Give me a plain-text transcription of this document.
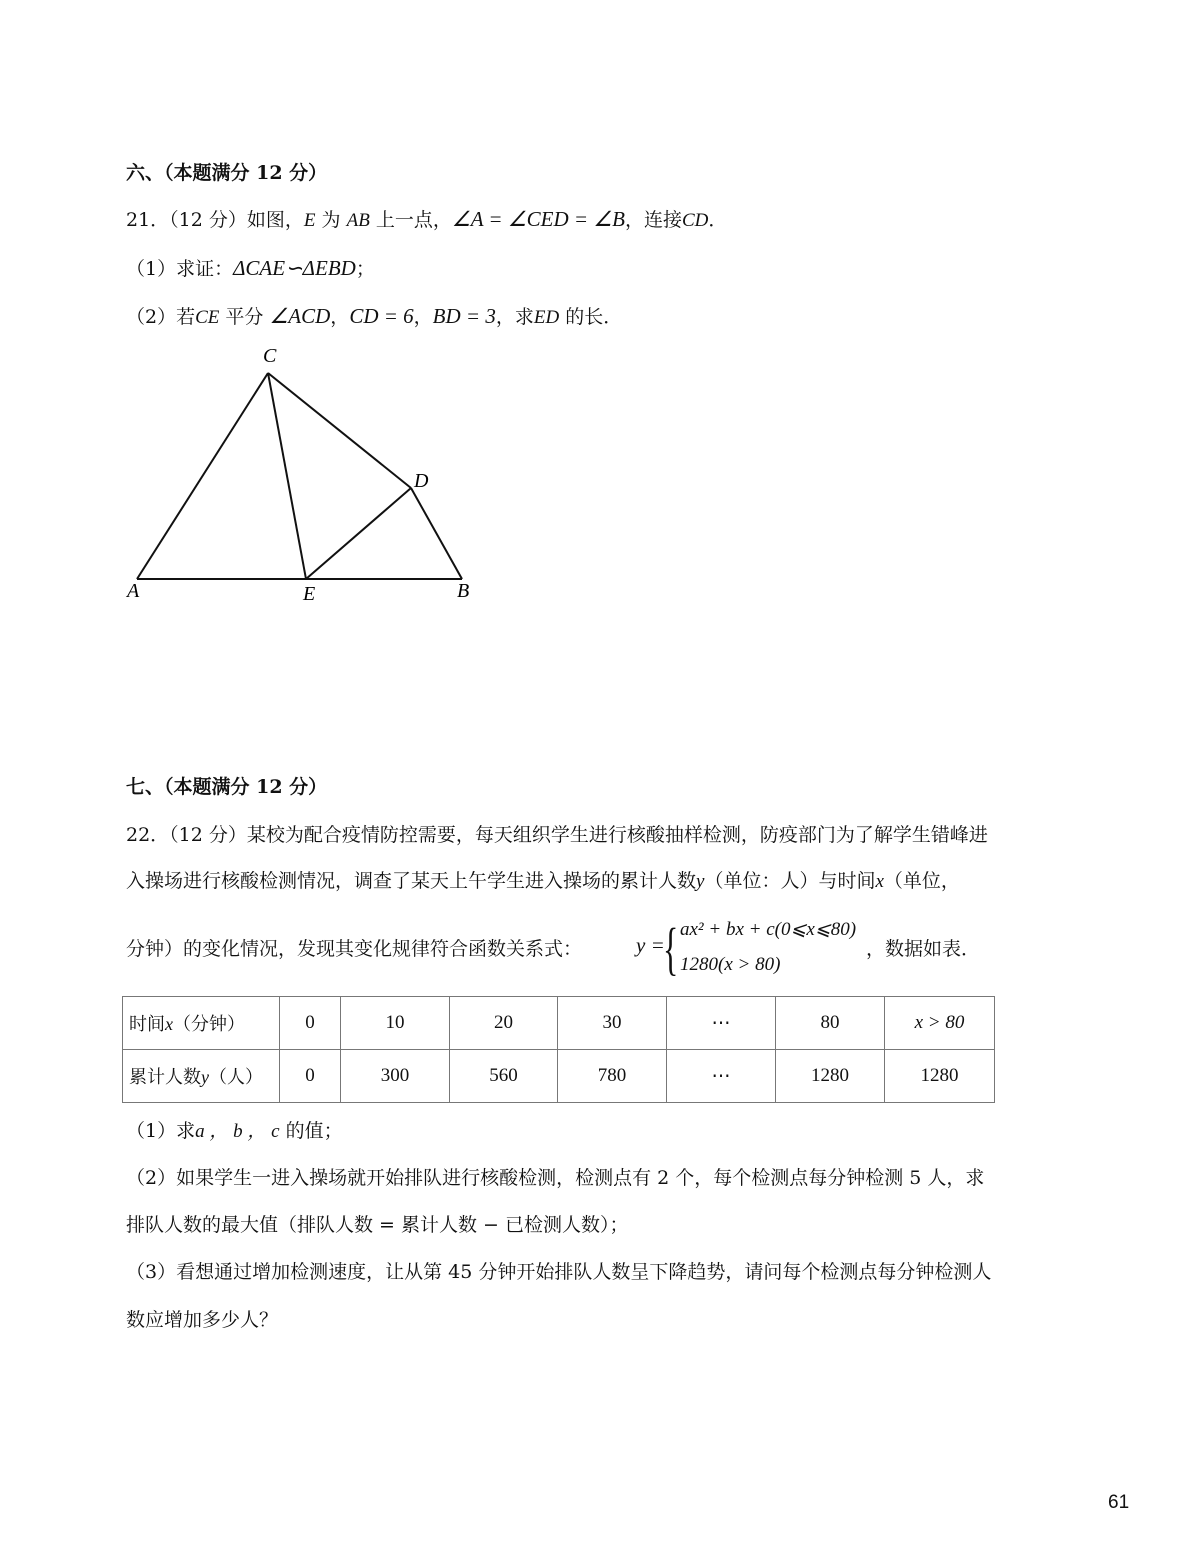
六、（本题满分 12 分）
21．（12 分）如图，E 为 AB 上一点，∠A = ∠CED = ∠B，连接CD．
（1）求证：ΔCAE∽ΔEBD；
（2）若CE 平分 ∠ACD，CD = 6，BD = 3，求ED 的长．
C
D
A	E	B
七、（本题满分 12 分）
22．（12 分）某校为配合疫情防控需要，每天组织学生进行核酸抽样检测，防疫部门为了解学生错峰进
入操场进行核酸检测情况，调查了某天上午学生进入操场的累计人数y（单位：人）与时间x（单位，
分钟）的变化情况，发现其变化规律符合函数关系式：	y =
{ ax² + bx + c(0⩽x⩽80)
1280(x > 80)
，数据如表．
时间x（分钟）	0	10	20	30	⋯	80	x > 80
累计人数y（人）	0	300	560	780	⋯	1280	1280
（1）求a ， b ， c 的值；
（2）如果学生一进入操场就开始排队进行核酸检测，检测点有 2 个，每个检测点每分钟检测 5 人，求
排队人数的最大值（排队人数 = 累计人数 − 已检测人数）；
（3）看想通过增加检测速度，让从第 45 分钟开始排队人数呈下降趋势，请问每个检测点每分钟检测人
数应增加多少人？
61
